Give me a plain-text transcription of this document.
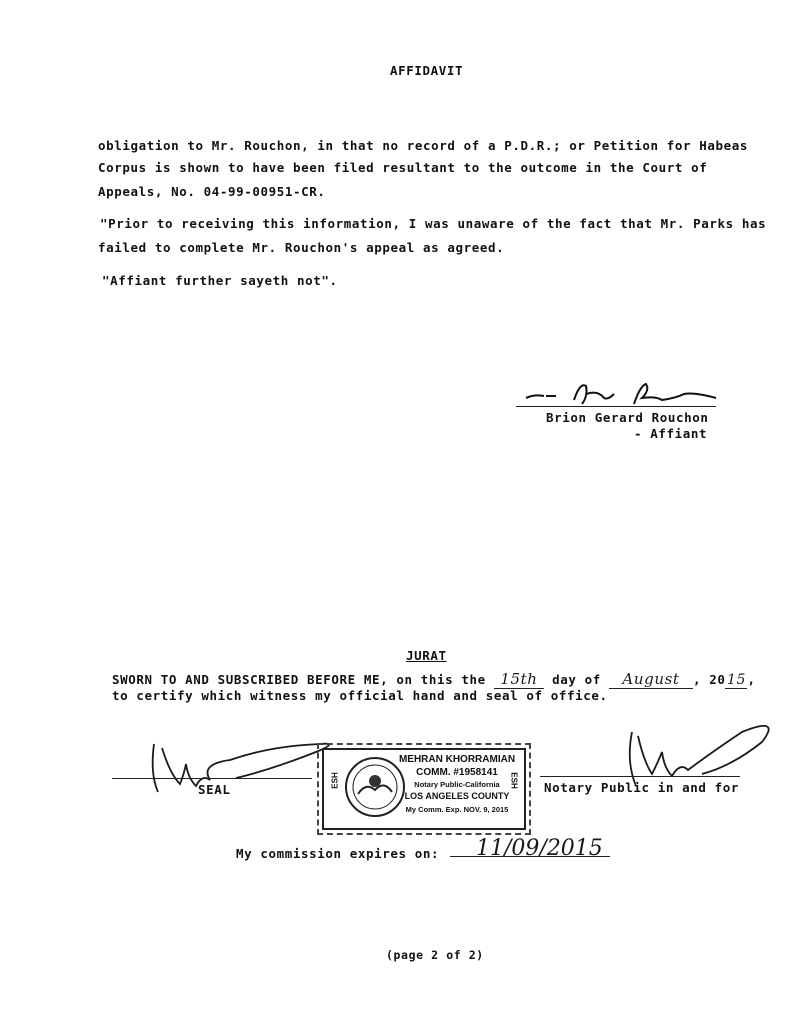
AFFIDAVIT
obligation to Mr. Rouchon, in that no record of a P.D.R.; or Petition for Habeas
Corpus is shown to have been filed resultant to the outcome in the Court of
Appeals, No. 04-99-00951-CR.
"Prior to receiving this information, I was unaware of the fact that Mr. Parks has
failed to complete Mr. Rouchon's appeal as agreed.
"Affiant further sayeth not".
Brion Gerard Rouchon
- Affiant
JURAT
SWORN TO AND SUBSCRIBED BEFORE ME, on this the 15th day of August , 2015 ,
to certify which witness my official hand and seal of office.
SEAL
ESH	ESH
MEHRAN KHORRAMIAN
COMM. #1958141
Notary Public-California
LOS ANGELES COUNTY
My Comm. Exp. NOV. 9, 2015
Notary Public in and for
My commission expires on: 11/09/2015
(page 2 of 2)
